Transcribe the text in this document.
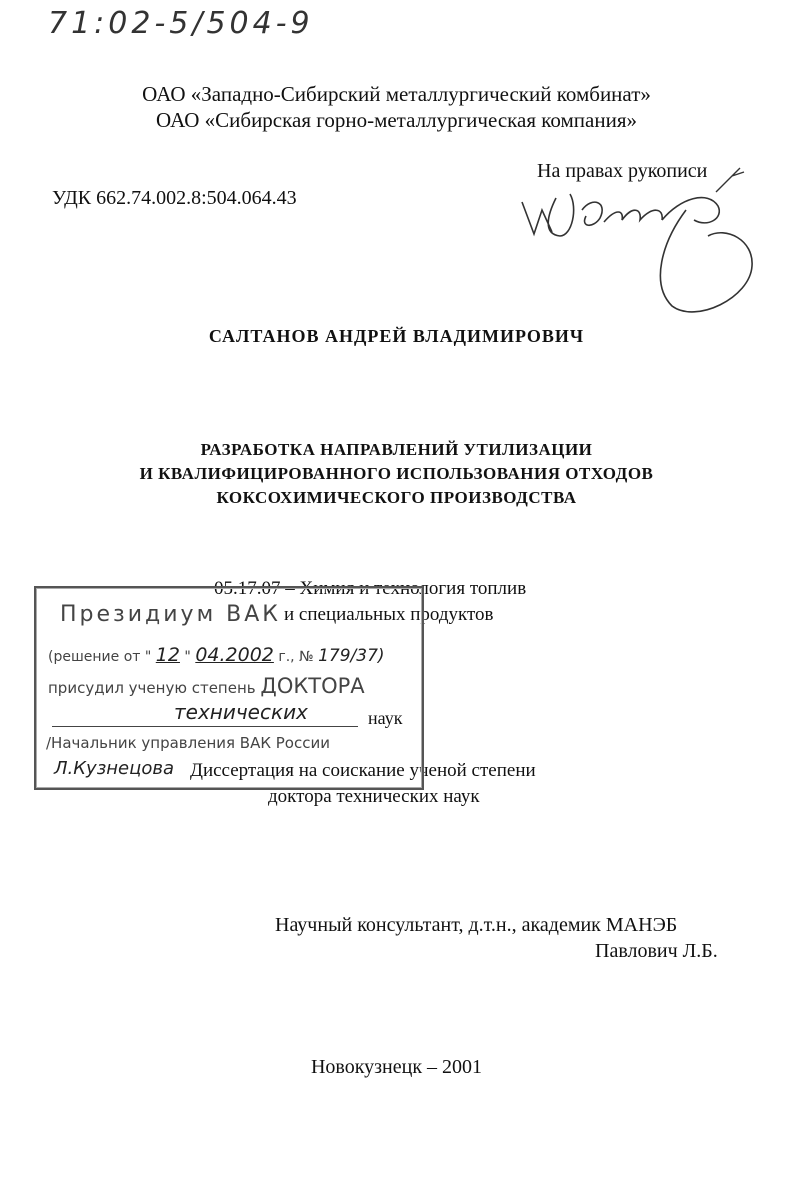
71:02-5/504-9
ОАО «Западно-Сибирский металлургический комбинат»
ОАО «Сибирская горно-металлургическая компания»
На правах рукописи
УДК 662.74.002.8:504.064.43
САЛТАНОВ АНДРЕЙ ВЛАДИМИРОВИЧ
РАЗРАБОТКА НАПРАВЛЕНИЙ УТИЛИЗАЦИИ
И КВАЛИФИЦИРОВАННОГО ИСПОЛЬЗОВАНИЯ ОТХОДОВ
КОКСОХИМИЧЕСКОГО ПРОИЗВОДСТВА
05.17.07 – Химия и технология топлив
и специальных продуктов
Диссертация на соискание ученой степени
доктора технических наук
Президиум ВАК
(решение от " 12 " 04.2002 г., № 179/37)
присудил ученую степень ДОКТОРА
технических	наук
/Начальник управления ВАК России
Л.Кузнецова
Научный консультант, д.т.н., академик МАНЭБ
Павлович Л.Б.
Новокузнецк – 2001
